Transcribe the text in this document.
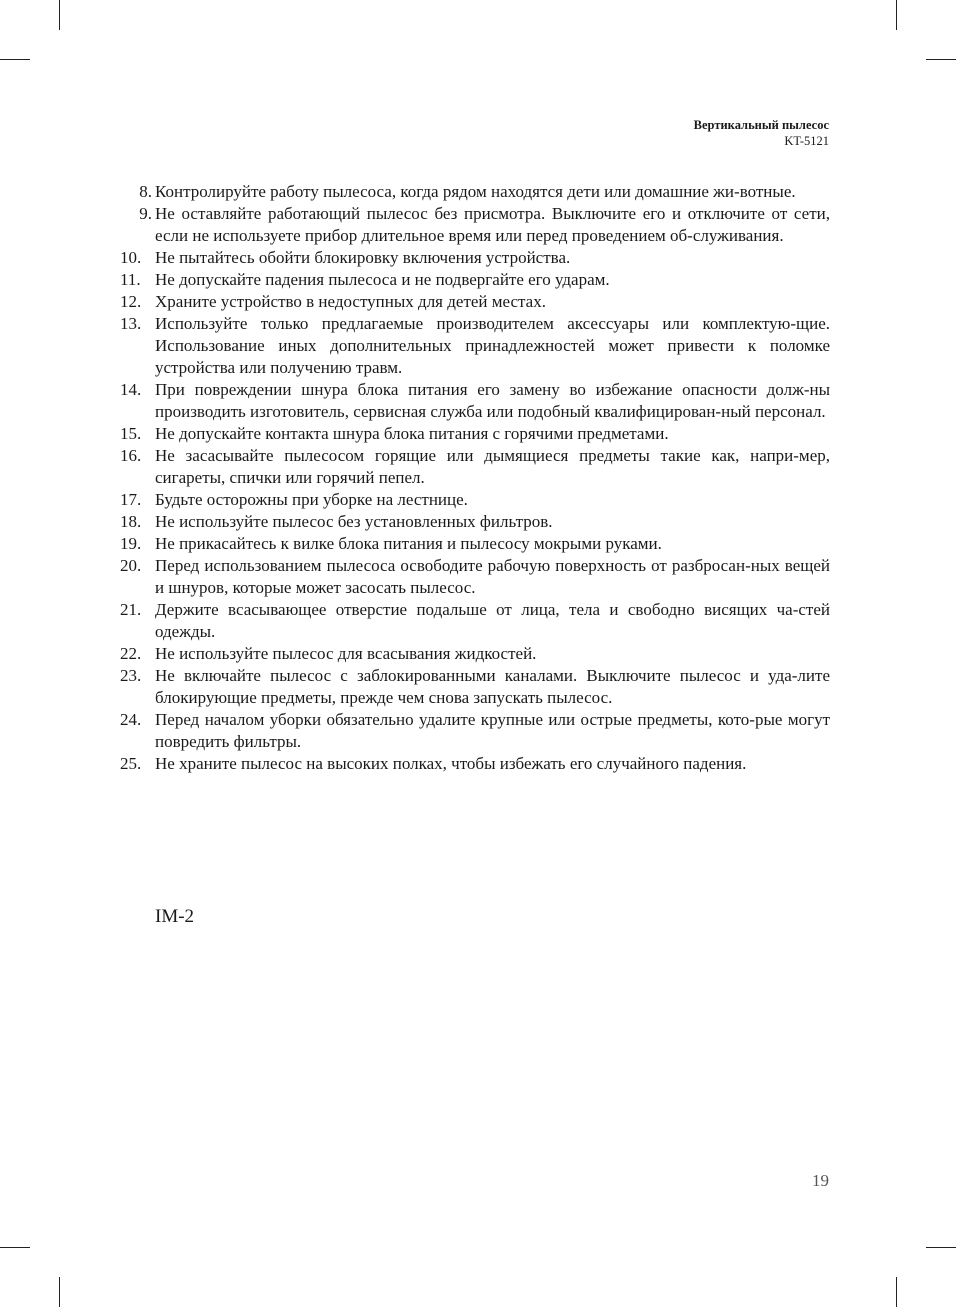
Вертикальный пылесос
KT-5121
8. Контролируйте работу пылесоса, когда рядом находятся дети или домашние жи-вотные.
9. Не оставляйте работающий пылесос без присмотра. Выключите его и отключите от сети, если не используете прибор длительное время или перед проведением об-служивания.
10. Не пытайтесь обойти блокировку включения устройства.
11. Не допускайте падения пылесоса и не подвергайте его ударам.
12. Храните устройство в недоступных для детей местах.
13. Используйте только предлагаемые производителем аксессуары или комплектую-щие. Использование иных дополнительных принадлежностей может привести к поломке устройства или получению травм.
14. При повреждении шнура блока питания его замену во избежание опасности долж-ны производить изготовитель, сервисная служба или подобный квалифицирован-ный персонал.
15. Не допускайте контакта шнура блока питания с горячими предметами.
16. Не засасывайте пылесосом горящие или дымящиеся предметы такие как, напри-мер, сигареты, спички или горячий пепел.
17. Будьте осторожны при уборке на лестнице.
18. Не используйте пылесос без установленных фильтров.
19. Не прикасайтесь к вилке блока питания и пылесосу мокрыми руками.
20. Перед использованием пылесоса освободите рабочую поверхность от разбросан-ных вещей и шнуров, которые может засосать пылесос.
21. Держите всасывающее отверстие подальше от лица, тела и свободно висящих ча-стей одежды.
22. Не используйте пылесос для всасывания жидкостей.
23. Не включайте пылесос с заблокированными каналами. Выключите пылесос и уда-лите блокирующие предметы, прежде чем снова запускать пылесос.
24. Перед началом уборки обязательно удалите крупные или острые предметы, кото-рые могут повредить фильтры.
25. Не храните пылесос на высоких полках, чтобы избежать его случайного падения.
IM-2
19
